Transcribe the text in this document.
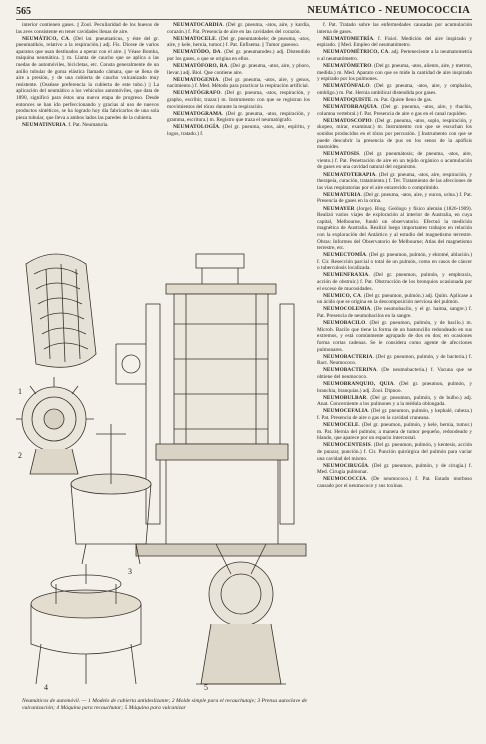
565	NEUMÁTICO - NEUMOCOCCIA

interior contienen gases. || Zool. Peculiaridad de los huesos de las aves consistente en tener cavidades llenas de aire.

NEUMÁTICO, CA. (Del lat. pneumaticus, y éste del gr. pneumatikós, relativo a la respiración.) adj. Fís. Dícese de varios aparatos que usan destinados a operar con el aire. || Véase Bomba, máquina neumática. || m. Llanta de caucho que se aplica a las ruedas de automóviles, bicicletas, etc. Consta generalmente de un anillo tubular de goma elástica llamado cámara, que se llena de aire a presión, y de una cubierta de caucho vulcanizado muy resistente. (Osséase preferencia la cubierta de este tubo.) || La aplicación del neumático a los vehículos automóviles, que data de 1890, significó para éstos una nueva etapa de progreso. Desde entonces se han ido perfeccionando y gracias al uso de nuevos productos sintéticos, se ha logrado hoy día fabricarlos de una sola pieza tubular, que lleva a ambos lados las paredes de la cubierta.

NEUMATINURIA. f. Pat. Neumaturia.

NEUMATOCARDIA. (Del gr. pneuma, -atos, aire, y kardía, corazón.) f. Pat. Presencia de aire en las cavidades del corazón.

NEUMATOCELE. (Del gr. pneumatokele; de pneuma, -atos, aire, y kele, hernia, tumor.) f. Pat. Enfisema. || Tumor gaseoso.

NEUMATÓDO, DA. (Del gr. pneumatodes.) adj. Distendido por los gases, o que se origina en ellos.

NEUMATÓFORO, RA. (Del gr. pneuma, -atos, aire, y phoro, llevar.) adj. Biol. Que contiene aire.

NEUMATOGENIA. (Del gr. pneuma, -atos, aire, y genos, nacimiento.) f. Med. Método para practicar la respiración artificial.

NEUMATÓGRAFO. (Del gr. pneuma, -atos, respiración, y grapho, escribir, trazar.) m. Instrumento con que se registran los movimientos del tórax durante la respiración.

NEUMATOGRAMA. (Del gr. pneuma, -atos, respiración, y gramma, escritura.) m. Registro que traza el neumatógrafo.

NEUMATOLOGÍA. (Del gr. pneuma, -atos, aire, espíritu, y logos, tratado.) f.

f. Pat. Tratado sobre las enfermedades causadas por acumulación interna de gases.

NEUMATOMETRÍA. f. Fisiol. Medición del aire inspirado y espirado. || Med. Empleo del neumatómetro.

NEUMATOMÉTRICO, CA. adj. Perteneciente a la neumatometría o al neumatómetro.

NEUMATÓMETRO. (Del gr. pneuma, -atos, aliento, aire, y metron, medida.) m. Med. Aparato con que se mide la cantidad de aire inspirado y espirado por los pulmones.

NEUMATÓNFALO. (Del gr. pneuma, -atos, aire, y omphalos, ombligo.) m. Pat. Hernia umbilical distendida por gases.

NEUMATOQUISTE. m. Pat. Quiste lleno de gas.

NEUMATORRAQUIA. (Del gr. pneuma, -atos, aire, y rhachis, columna vertebral.) f. Pat. Presencia de aire o gas en el canal raquídeo.

NEUMATOSCOPIO. (Del gr. pneuma, -atos, soplo, respiración, y skopeo, mirar, examinar.) m. Instrumento con que se escuchan los sonidos producidos en el tórax por percusión. || Instrumento con que se puede descubrir la presencia de pus en los senos de la apófisis mastoides.

NEUMATOSIS. (Del gr. pneumátosis; de pneuma, -atos, aire, viento.) f. Pat. Penetración de aire en un tejido orgánico o acumulación de gases en una cavidad natural del organismo.

NEUMATOTERAPIA. (Del gr. pneuma, -atos, aire, respiración, y therapeia, curación, tratamiento.) f. Ter. Tratamiento de las afecciones de las vías respiratorias por el aire enrarecido o comprimido.

NEUMATURIA. (Del gr. pneuma, -atos, aire, y ouron, orina.) f. Pat. Presencia de gases en la orina.

NEUMAYER (Jorge). Biog. Geólogo y físico alemán (1826-1909). Realizó varios viajes de exploración al interior de Australia, en cuya capital, Melbourne, fundó un observatorio. Efectuó la medición magnética de Australia. Realizó luego importantes trabajos en relación con la exploración del Antártico y al estudio del magnetismo terrestre. Obras: Informes del Observatorio de Melbourne; Atlas del magnetismo terrestre, etc.

NEUMECTOMÍA. (Del gr. pneumon, pulmón, y ektomé, ablación.) f. Cir. Resección parcial o total de un pulmón, como en casos de cáncer o tuberculosis localizada.

NEUMENFRAXIA. (Del gr. pneumon, pulmón, y emphraxis, acción de obstruir.) f. Pat. Obstrucción de los bronquios ocasionada por el exceso de mucosidades.

NEUMICO, CA. (Del gr. pneumon, pulmón.) adj. Quím. Aplícase a un ácido que se origina en la descomposición nerviosa del pulmón.

NEUMOCOLEMIA. (De neumobacilo, y el gr. haima, sangre.) f. Pat. Presencia de neumobacilos en la sangre.

NEUMOBACILO. (Del gr. pneumon, pulmón, y de bacilo.) m. Microb. Bacilo que tiene la forma de un bastoncillo redondeado en sus extremos, y está comúnmente agrupado de dos en dos; en ocasiones forma cortas cadenas. Se le considera como agente de afecciones pulmonares.

NEUMOBACTERIA. (Del gr. pneumon, pulmón, y de bacteria.) f. Bact. Neumococo.

NEUMOBACTERINA. (De neumobacteria.) f. Vacuna que se obtiene del neumococo.

NEUMOBRANQUIO, QUIA. (Del gr. pneumon, pulmón, y branchia, branquias.) adj. Zool. Dipnoo.

NEUMOBULBAR. (Del gr. pneumon, pulmón, y de bulbo.) adj. Anat. Concerniente a los pulmones y a la médula oblongada.

NEUMOCEFALIA. (Del gr. pneumon, pulmón, y kephalé, cabeza.) f. Pat. Presencia de aire o gas en la cavidad craneana.

NEUMOCELE. (Del gr. pneumon, pulmón, y kele, hernia, tumor.) m. Pat. Hernia del pulmón; a manera de tumor pequeño, redondeado y blando, que aparece por un espacio intercostal.

NEUMOCENTESIS. (Del gr. pneumon, pulmón, y kentesis, acción de punzar, punción.) f. Cir. Punción quirúrgica del pulmón para vaciar una cavidad del mismo.

NEUMOCIRUGÍA. (Del gr. pneumon, pulmón, y de cirugía.) f. Med. Cirugía pulmonar.

NEUMOCOCCIA. (De neumococo.) f. Pat. Estado morboso causado por el neumococo y sus toxinas.

1
2
3
4	5
Neumáticos de automóvil. — 1 Modelo de cubierta antideslizante; 2 Molde simple para el recauchutaje; 3 Prensa autoclave de vulcanización; 4 Máquina para recauchutar; 5 Máquina para vulcanizar
